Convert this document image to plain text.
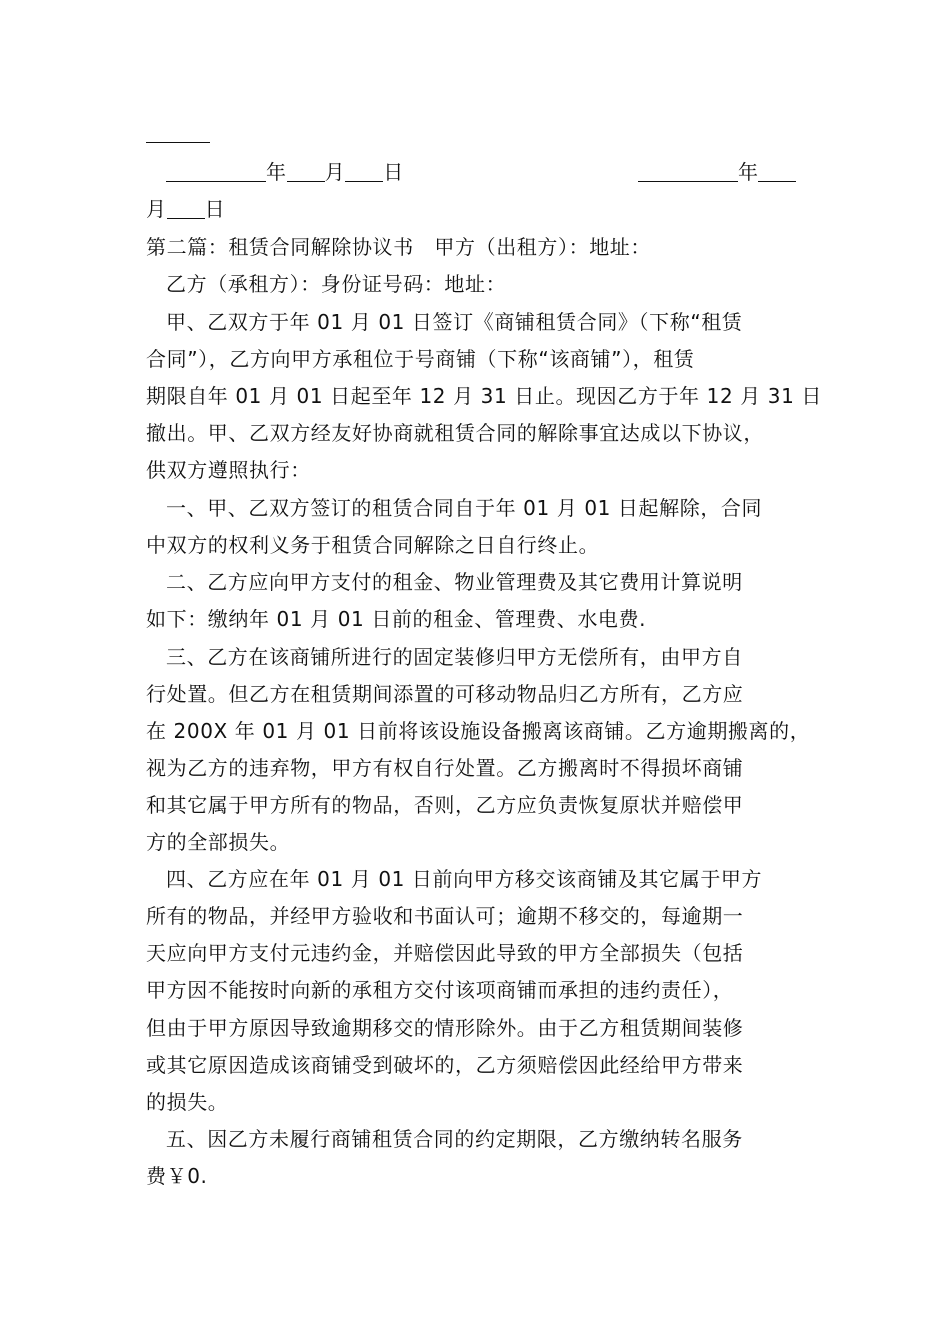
年 月 日	年
月 日
第二篇：租赁合同解除协议书　甲方（出租方）：地址：
乙方（承租方）：身份证号码：地址：
甲、乙双方于年 01 月 01 日签订《商铺租赁合同》（下称“租赁
合同”），乙方向甲方承租位于号商铺（下称“该商铺”），租赁
期限自年 01 月 01 日起至年 12 月 31 日止。现因乙方于年 12 月 31 日
撤出。甲、乙双方经友好协商就租赁合同的解除事宜达成以下协议，
供双方遵照执行：
一、甲、乙双方签订的租赁合同自于年 01 月 01 日起解除，合同
中双方的权利义务于租赁合同解除之日自行终止。
二、乙方应向甲方支付的租金、物业管理费及其它费用计算说明
如下：缴纳年 01 月 01 日前的租金、管理费、水电费.
三、乙方在该商铺所进行的固定装修归甲方无偿所有，由甲方自
行处置。但乙方在租赁期间添置的可移动物品归乙方所有，乙方应
在 200X 年 01 月 01 日前将该设施设备搬离该商铺。乙方逾期搬离的，
视为乙方的违弃物，甲方有权自行处置。乙方搬离时不得损坏商铺
和其它属于甲方所有的物品，否则，乙方应负责恢复原状并赔偿甲
方的全部损失。
四、乙方应在年 01 月 01 日前向甲方移交该商铺及其它属于甲方
所有的物品，并经甲方验收和书面认可；逾期不移交的，每逾期一
天应向甲方支付元违约金，并赔偿因此导致的甲方全部损失（包括
甲方因不能按时向新的承租方交付该项商铺而承担的违约责任），
但由于甲方原因导致逾期移交的情形除外。由于乙方租赁期间装修
或其它原因造成该商铺受到破坏的，乙方须赔偿因此经给甲方带来
的损失。
五、因乙方未履行商铺租赁合同的约定期限，乙方缴纳转名服务
费￥0.
